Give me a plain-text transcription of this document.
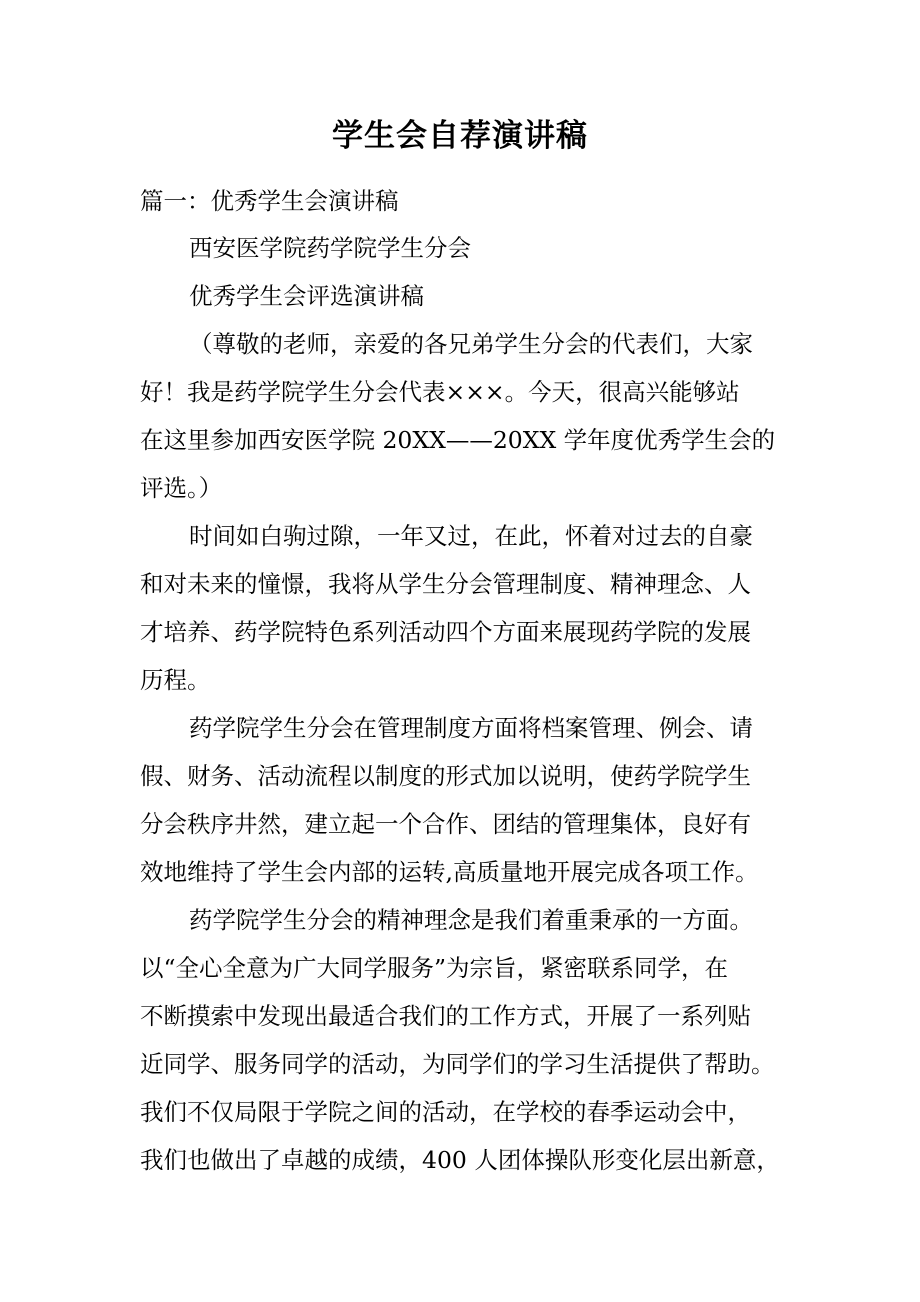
学生会自荐演讲稿
篇一：优秀学生会演讲稿
西安医学院药学院学生分会
优秀学生会评选演讲稿
（尊敬的老师，亲爱的各兄弟学生分会的代表们，大家
好！我是药学院学生分会代表×××。今天，很高兴能够站
在这里参加西安医学院 20XX——20XX 学年度优秀学生会的
评选。）
时间如白驹过隙，一年又过，在此，怀着对过去的自豪
和对未来的憧憬，我将从学生分会管理制度、精神理念、人
才培养、药学院特色系列活动四个方面来展现药学院的发展
历程。
药学院学生分会在管理制度方面将档案管理、例会、请
假、财务、活动流程以制度的形式加以说明，使药学院学生
分会秩序井然，建立起一个合作、团结的管理集体，良好有
效地维持了学生会内部的运转,高质量地开展完成各项工作。
药学院学生分会的精神理念是我们着重秉承的一方面。
以“全心全意为广大同学服务”为宗旨，紧密联系同学，在
不断摸索中发现出最适合我们的工作方式，开展了一系列贴
近同学、服务同学的活动，为同学们的学习生活提供了帮助。
我们不仅局限于学院之间的活动，在学校的春季运动会中，
我们也做出了卓越的成绩，400 人团体操队形变化层出新意，
